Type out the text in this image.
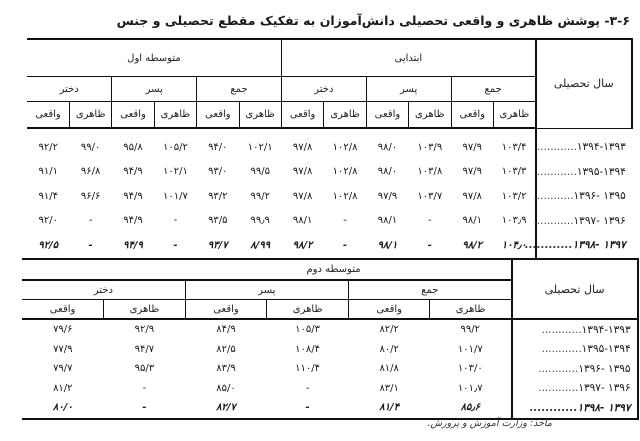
۳-۶- پوشش ظاهری و واقعی تحصیلی دانش‌آموزان به تفکیک مقطع تحصیلی و جنس
سال تحصیلی	ابتدایی						متوسطه اول					
	جمع		پسر		دختر		جمع		پسر		دختر	
	ظاهری	واقعی	ظاهری	واقعی	ظاهری	واقعی	ظاهری	واقعی	ظاهری	واقعی	ظاهری	واقعی
۱۳۹۴-۱۳۹۳............	۱۰۳/۴	۹۷/۹	۱۰۳/۹	۹۸/۰	۱۰۲/۸	۹۷/۸	۱۰۲/۱	۹۴/۰	۱۰۵/۲	۹۵/۸	۹۹/۰	۹۲/۲
۱۳۹۵-۱۳۹۴............	۱۰۳/۳	۹۷/۹	۱۰۳/۸	۹۸/۰	۱۰۲/۸	۹۷/۸	۹۹/۵	۹۳/۰	۱۰۲/۱	۹۴/۹	۹۶/۸	۹۱/۱
۱۳۹۵ -۱۳۹۶............	۱۰۳/۲	۹۷/۸	۱۰۳/۷	۹۷/۹	۱۰۲/۸	۹۷/۸	۹۹/۲	۹۳/۲	۱۰۱/۷	۹۴/۹	۹۶/۶	۹۱/۴
۱۳۹۶ -۱۳۹۷............	۱۰۳٫۹	۹۸/۱	-	۹۸/۱	-	۹۸/۱	۹۹٫۹	۹۳/۵	-	۹۴/۹	-	۹۲/۰
۱۳۹۷ -۱۳۹۸............	۱۰۴٫۰	۹۸/۲	-	۹۸/۱	-	۹۸/۲	۸/۹۹	۹۳/۷	-	۹۴/۹	-	۹۲/۵
سال تحصیلی	متوسطه دوم					
	جمع		پسر		دختر	
	ظاهری	واقعی	ظاهری	واقعی	ظاهری	واقعی
۱۳۹۴-۱۳۹۳............	۹۹/۲	۸۲/۲	۱۰۵/۳	۸۴/۹	۹۲/۹	۷۹/۶
۱۳۹۵-۱۳۹۴............	۱۰۱/۷	۸۰/۲	۱۰۸/۴	۸۲/۵	۹۴/۷	۷۷/۹
۱۳۹۵ -۱۳۹۶............	۱۰۳/۰	۸۱/۸	۱۱۰/۴	۸۳/۹	۹۵/۳	۷۹/۷
۱۳۹۶ -۱۳۹۷............	۱۰۱٫۷	۸۳/۱	-	۸۵/۰	-	۸۱/۲
۱۳۹۷ -۱۳۹۸............	۸۵٫۶	۸۱/۴	-	۸۲/۷	-	۸۰/۰
ماخذ: وزارت آموزش و پرورش.
